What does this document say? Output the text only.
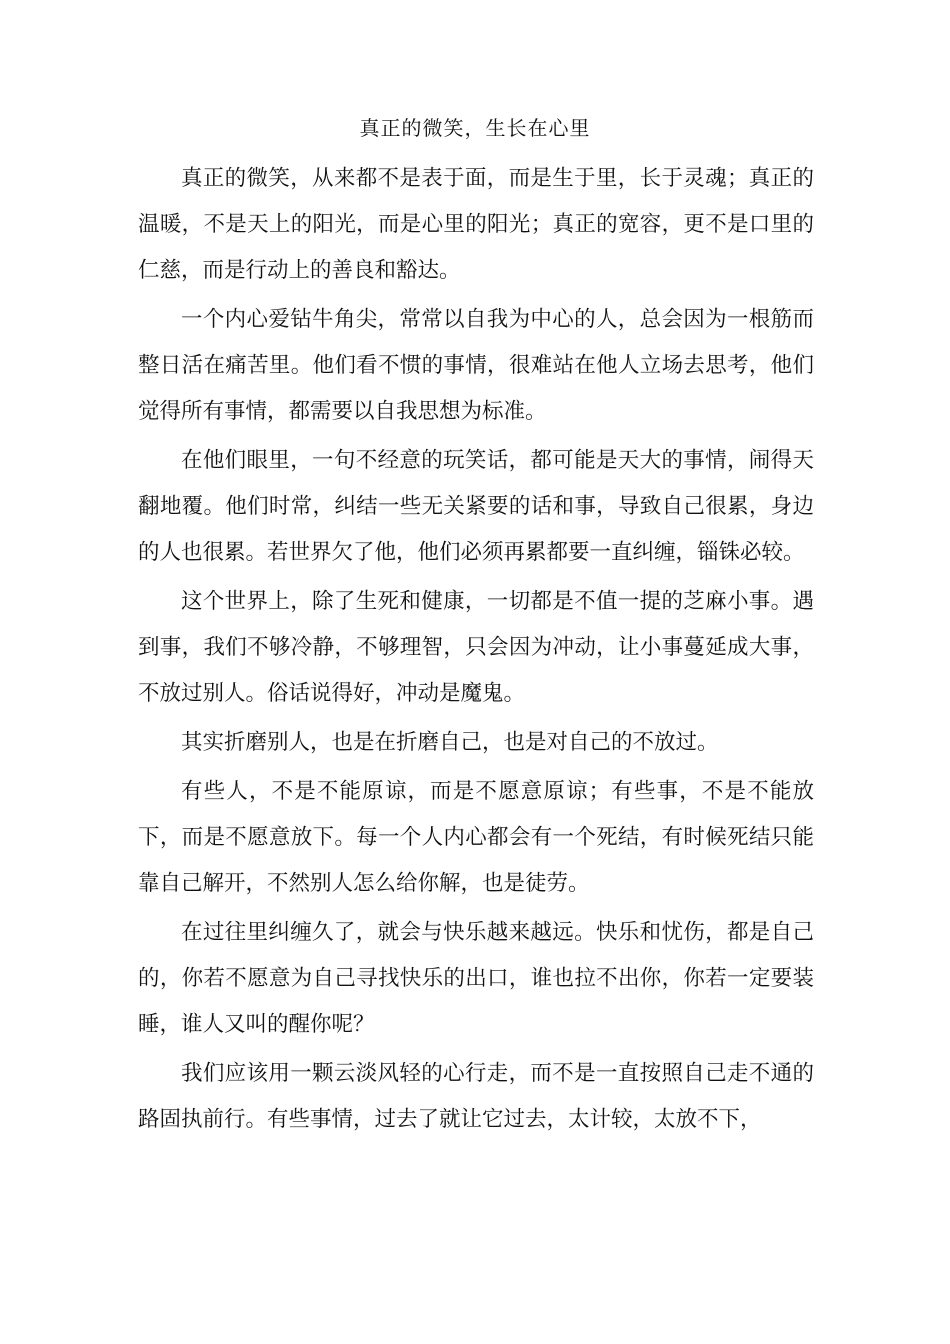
真正的微笑，生长在心里

真正的微笑，从来都不是表于面，而是生于里，长于灵魂；真正的温暖，不是天上的阳光，而是心里的阳光；真正的宽容，更不是口里的仁慈，而是行动上的善良和豁达。

一个内心爱钻牛角尖，常常以自我为中心的人，总会因为一根筋而整日活在痛苦里。他们看不惯的事情，很难站在他人立场去思考，他们觉得所有事情，都需要以自我思想为标准。

在他们眼里，一句不经意的玩笑话，都可能是天大的事情，闹得天翻地覆。他们时常，纠结一些无关紧要的话和事，导致自己很累，身边的人也很累。若世界欠了他，他们必须再累都要一直纠缠，锱铢必较。

这个世界上，除了生死和健康，一切都是不值一提的芝麻小事。遇到事，我们不够冷静，不够理智，只会因为冲动，让小事蔓延成大事，不放过别人。俗话说得好，冲动是魔鬼。

其实折磨别人，也是在折磨自己，也是对自己的不放过。

有些人，不是不能原谅，而是不愿意原谅；有些事，不是不能放下，而是不愿意放下。每一个人内心都会有一个死结，有时候死结只能靠自己解开，不然别人怎么给你解，也是徒劳。

在过往里纠缠久了，就会与快乐越来越远。快乐和忧伤，都是自己的，你若不愿意为自己寻找快乐的出口，谁也拉不出你，你若一定要装睡，谁人又叫的醒你呢？

我们应该用一颗云淡风轻的心行走，而不是一直按照自己走不通的路固执前行。有些事情，过去了就让它过去，太计较，太放不下，
